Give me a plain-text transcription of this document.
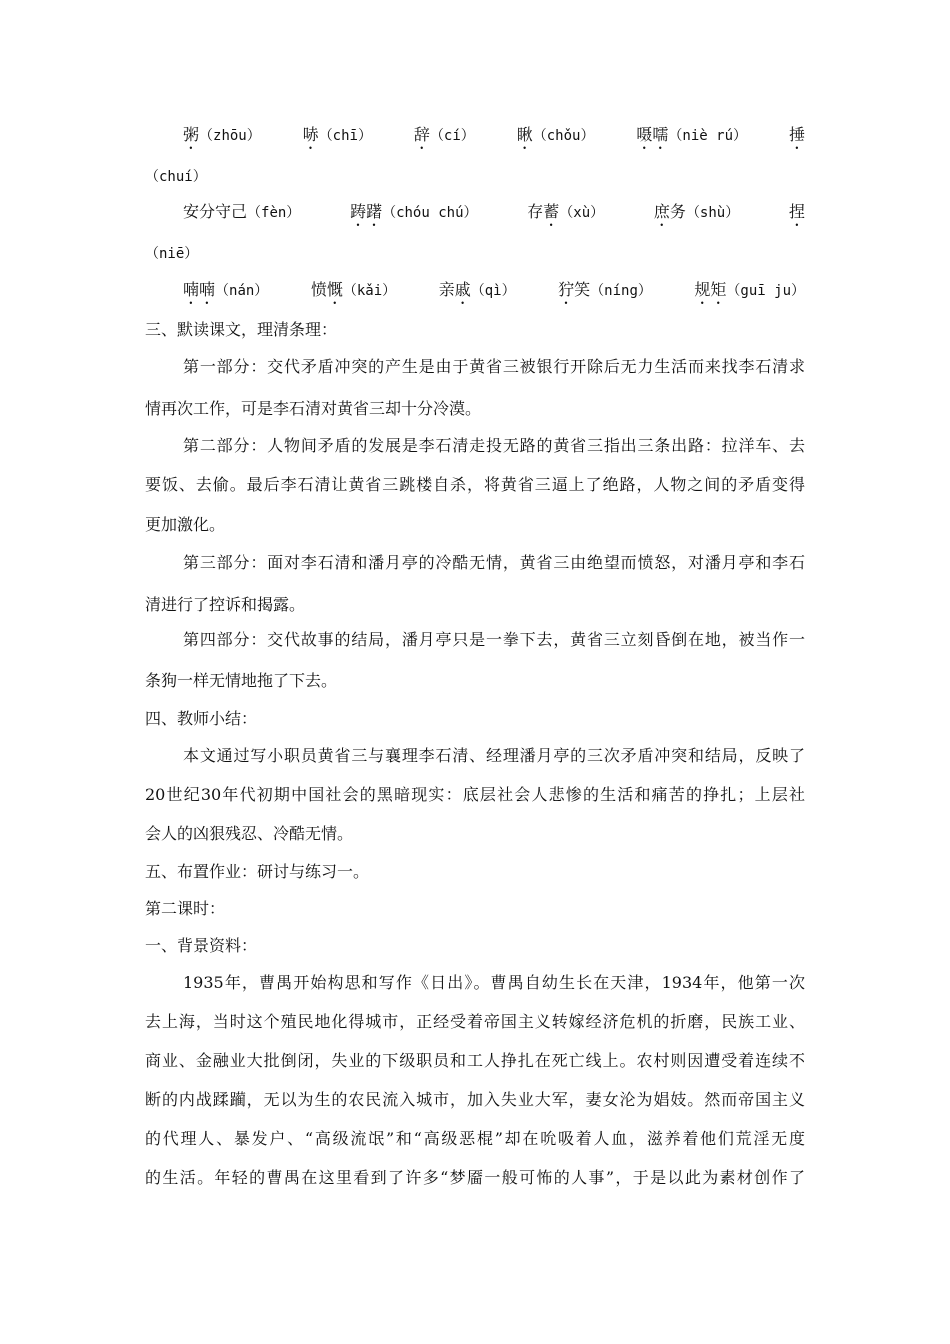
粥（zhōu）	哧（chī）	辞（cí）	瞅（chǒu）	嗫嚅（niè rú）	捶
（chuí）
安分守己（fèn）	踌躇（chóu chú）	存蓄（xù）	庶务（shù）	捏
（niē）
喃喃（nán）	愤慨（kǎi）	亲戚（qì）	狞笑（níng）	规矩（guī ju）
三、默读课文，理清条理：
第一部分：交代矛盾冲突的产生是由于黄省三被银行开除后无力生活而来找李石清求
情再次工作，可是李石清对黄省三却十分冷漠。
第二部分：人物间矛盾的发展是李石清走投无路的黄省三指出三条出路：拉洋车、去
要饭、去偷。最后李石清让黄省三跳楼自杀，将黄省三逼上了绝路，人物之间的矛盾变得
更加激化。
第三部分：面对李石清和潘月亭的冷酷无情，黄省三由绝望而愤怒，对潘月亭和李石
清进行了控诉和揭露。
第四部分：交代故事的结局，潘月亭只是一拳下去，黄省三立刻昏倒在地，被当作一
条狗一样无情地拖了下去。
四、教师小结：
本文通过写小职员黄省三与襄理李石清、经理潘月亭的三次矛盾冲突和结局，反映了
20世纪30年代初期中国社会的黑暗现实：底层社会人悲惨的生活和痛苦的挣扎；上层社
会人的凶狠残忍、冷酷无情。
五、布置作业：研讨与练习一。
第二课时：
一、背景资料：
1935年，曹禺开始构思和写作《日出》。曹禺自幼生长在天津，1934年，他第一次
去上海，当时这个殖民地化得城市，正经受着帝国主义转嫁经济危机的折磨，民族工业、
商业、金融业大批倒闭，失业的下级职员和工人挣扎在死亡线上。农村则因遭受着连续不
断的内战蹂躏，无以为生的农民流入城市，加入失业大军，妻女沦为娼妓。然而帝国主义
的代理人、暴发户、“高级流氓”和“高级恶棍”却在吮吸着人血，滋养着他们荒淫无度
的生活。年轻的曹禺在这里看到了许多“梦靥一般可怖的人事”，于是以此为素材创作了
